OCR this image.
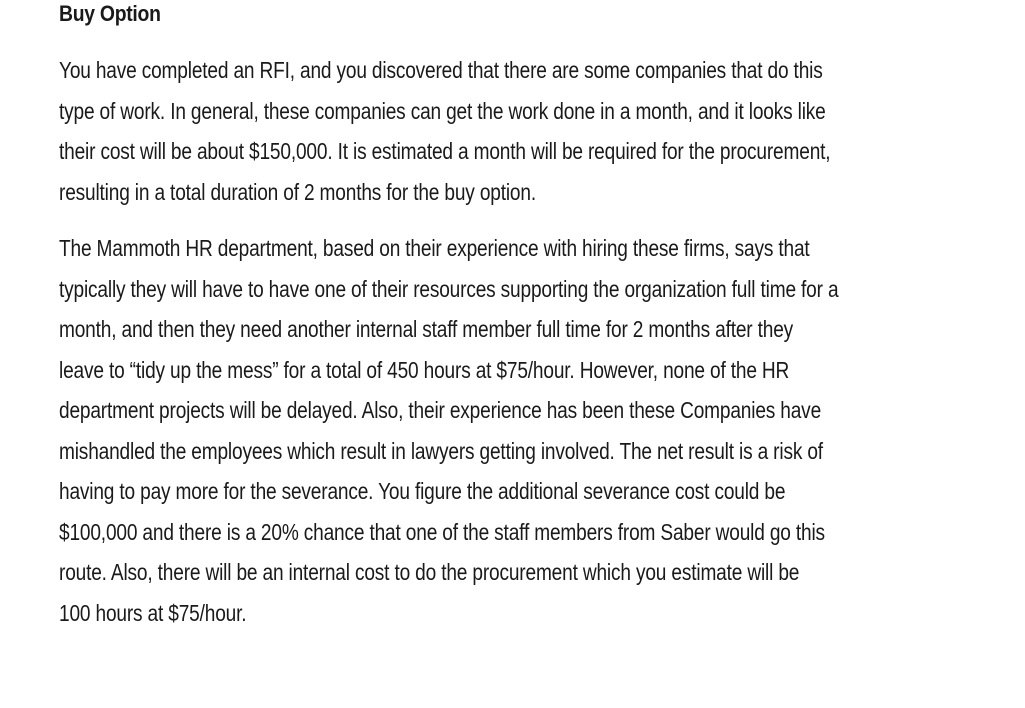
Buy Option

You have completed an RFI, and you discovered that there are some companies that do this
type of work. In general, these companies can get the work done in a month, and it looks like
their cost will be about $150,000. It is estimated a month will be required for the procurement,
resulting in a total duration of 2 months for the buy option.

The Mammoth HR department, based on their experience with hiring these firms, says that
typically they will have to have one of their resources supporting the organization full time for a
month, and then they need another internal staff member full time for 2 months after they
leave to “tidy up the mess” for a total of 450 hours at $75/hour. However, none of the HR
department projects will be delayed. Also, their experience has been these Companies have
mishandled the employees which result in lawyers getting involved. The net result is a risk of
having to pay more for the severance. You figure the additional severance cost could be
$100,000 and there is a 20% chance that one of the staff members from Saber would go this
route. Also, there will be an internal cost to do the procurement which you estimate will be
100 hours at $75/hour.
